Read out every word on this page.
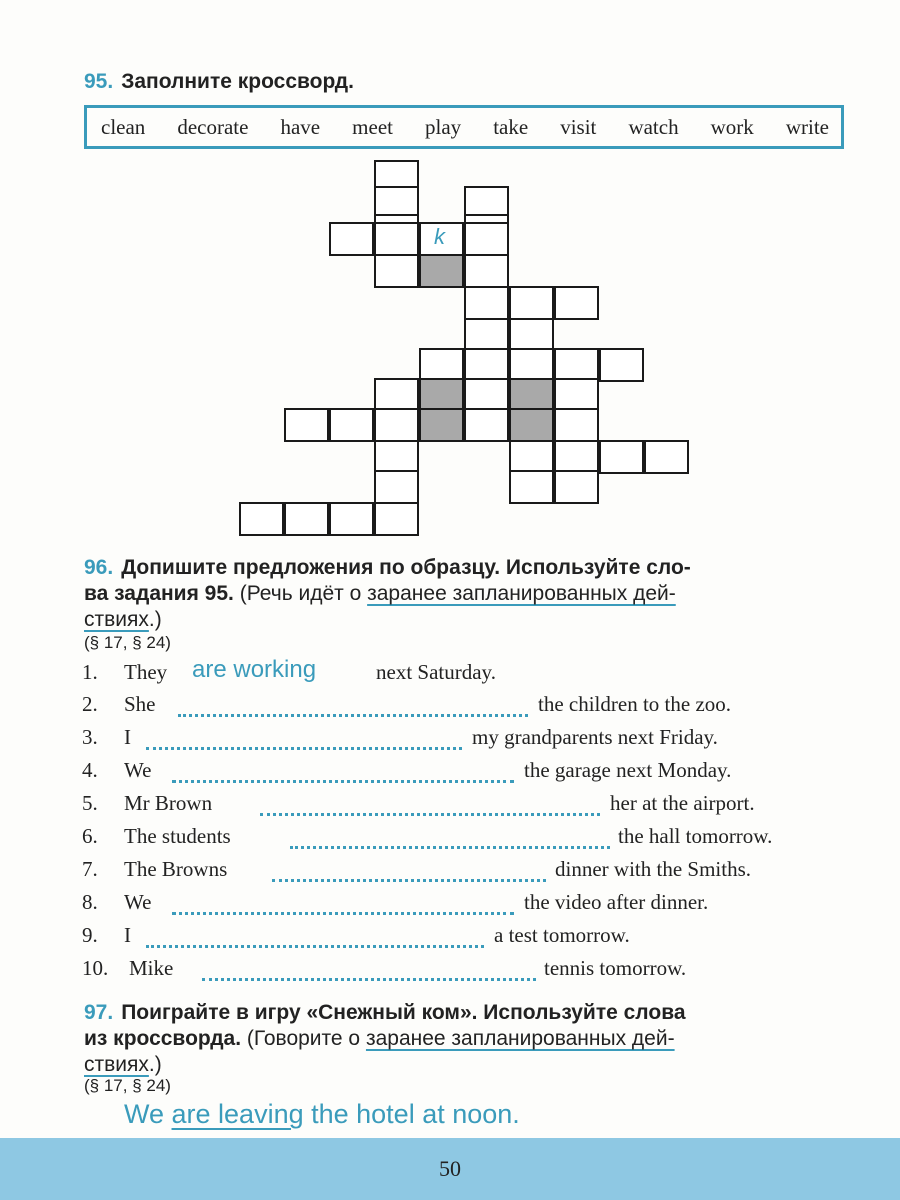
95. Заполните кроссворд.
clean decorate have meet play take visit watch work write
k
96. Допишите предложения по образцу. Используйте сло-
ва задания 95. (Речь идёт о заранее запланированных дей-
ствиях.)
(§ 17, § 24)
1. They are working	next Saturday.
2. She	the children to the zoo.
3. I	my grandparents next Friday.
4. We	the garage next Monday.
5. Mr Brown	her at the airport.
6. The students	the hall tomorrow.
7. The Browns	dinner with the Smiths.
8. We	the video after dinner.
9. I	a test tomorrow.
10. Mike	tennis tomorrow.
97. Поиграйте в игру «Снежный ком». Используйте слова
из кроссворда. (Говорите о заранее запланированных дей-
ствиях.)
(§ 17, § 24)
We are leaving the hotel at noon.
50
